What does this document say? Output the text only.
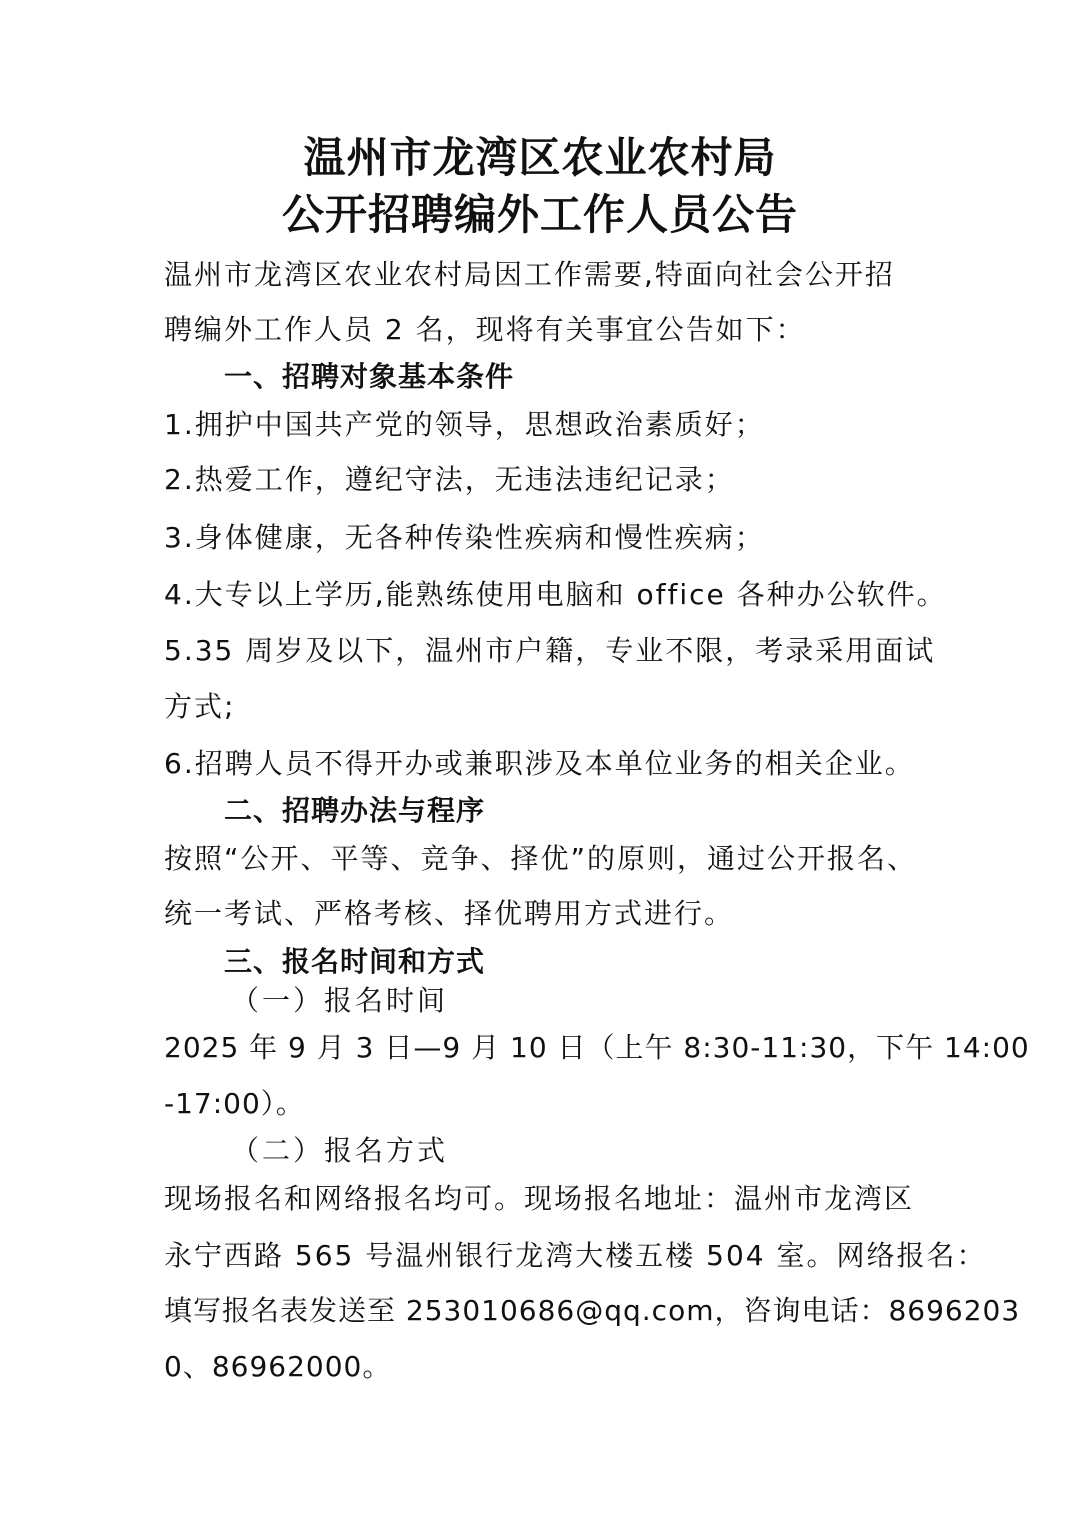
温州市龙湾区农业农村局
公开招聘编外工作人员公告
温州市龙湾区农业农村局因工作需要,特面向社会公开招
聘编外工作人员 2 名，现将有关事宜公告如下：
一、招聘对象基本条件
1.拥护中国共产党的领导，思想政治素质好；
2.热爱工作，遵纪守法，无违法违纪记录；
3.身体健康，无各种传染性疾病和慢性疾病；
4.大专以上学历,能熟练使用电脑和 office 各种办公软件。
5.35 周岁及以下，温州市户籍，专业不限，考录采用面试
方式;
6.招聘人员不得开办或兼职涉及本单位业务的相关企业。
二、招聘办法与程序
按照“公开、平等、竞争、择优”的原则，通过公开报名、
统一考试、严格考核、择优聘用方式进行。
三、报名时间和方式
（一）报名时间
2025 年 9 月 3 日—9 月 10 日（上午 8:30-11:30，下午 14:00
-17:00）。
（二）报名方式
现场报名和网络报名均可。现场报名地址：温州市龙湾区
永宁西路 565 号温州银行龙湾大楼五楼 504 室。网络报名：
填写报名表发送至 253010686@qq.com，咨询电话：8696203
0、86962000。
